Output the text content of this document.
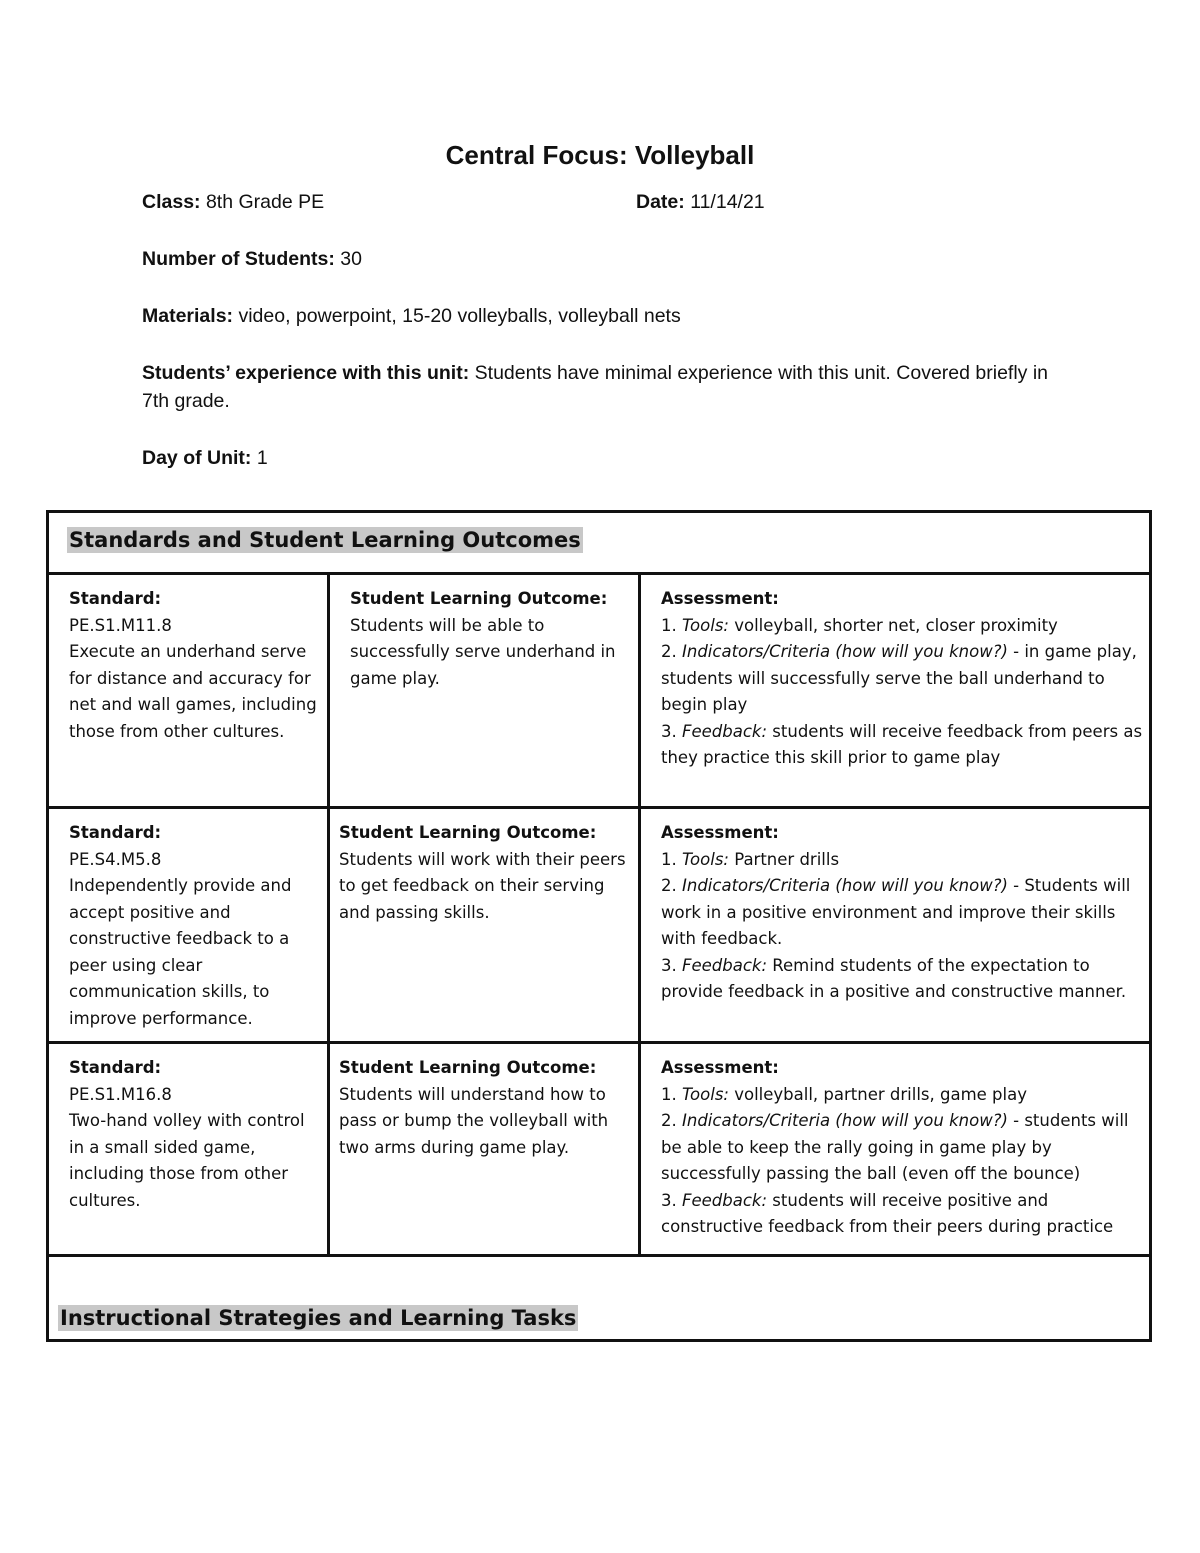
Central Focus: Volleyball
Class: 8th Grade PE	Date: 11/14/21
Number of Students: 30
Materials: video, powerpoint, 15-20 volleyballs, volleyball nets
Students’ experience with this unit: Students have minimal experience with this unit. Covered briefly in 7th grade.
Day of Unit: 1
Standards and Student Learning Outcomes
Standard:
PE.S1.M11.8
Execute an underhand serve for distance and accuracy for net and wall games, including those from other cultures.
Student Learning Outcome:
Students will be able to successfully serve underhand in game play.
Assessment:
1. Tools: volleyball, shorter net, closer proximity
2. Indicators/Criteria (how will you know?) - in game play, students will successfully serve the ball underhand to begin play
3. Feedback: students will receive feedback from peers as they practice this skill prior to game play
Standard:
PE.S4.M5.8
Independently provide and accept positive and constructive feedback to a peer using clear communication skills, to improve performance.
Student Learning Outcome:
Students will work with their peers to get feedback on their serving and passing skills.
Assessment:
1. Tools: Partner drills
2. Indicators/Criteria (how will you know?) - Students will work in a positive environment and improve their skills with feedback.
3. Feedback: Remind students of the expectation to provide feedback in a positive and constructive manner.
Standard:
PE.S1.M16.8
Two-hand volley with control in a small sided game, including those from other cultures.
Student Learning Outcome:
Students will understand how to pass or bump the volleyball with two arms during game play.
Assessment:
1. Tools: volleyball, partner drills, game play
2. Indicators/Criteria (how will you know?) - students will be able to keep the rally going in game play by successfully passing the ball (even off the bounce)
3. Feedback: students will receive positive and constructive feedback from their peers during practice
Instructional Strategies and Learning Tasks
